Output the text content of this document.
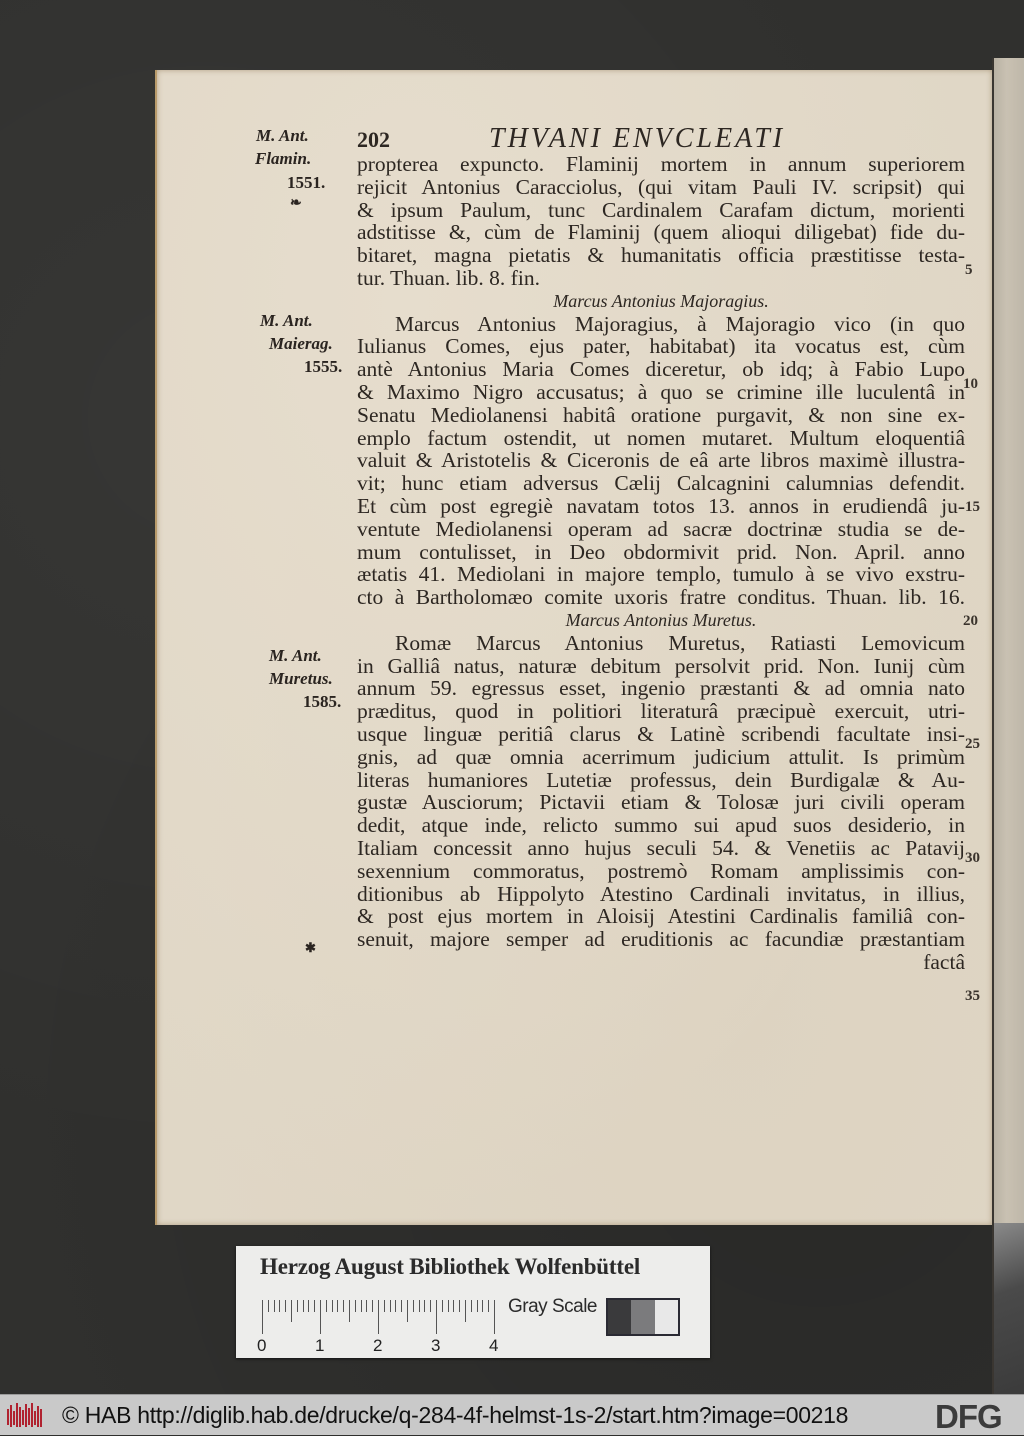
202	THVANI ENVCLEATI
M. Ant.
Flamin.
1551.
❧
M. Ant.
Maierag.
1555.
M. Ant.
Muretus.
1585.
✱
5
10
15
20
25
30
35
propterea expuncto. Flaminij mortem in annum superiorem
rejicit Antonius Caracciolus, (qui vitam Pauli IV. scripsit) qui
& ipsum Paulum, tunc Cardinalem Carafam dictum, morienti
adstitisse &, cùm de Flaminij (quem alioqui diligebat) fide du-
bitaret, magna pietatis & humanitatis officia præstitisse testa-
tur. Thuan. lib. 8. fin.
Marcus Antonius Majoragius.
Marcus Antonius Majoragius, à Majoragio vico (in quo
Iulianus Comes, ejus pater, habitabat) ita vocatus est, cùm
antè Antonius Maria Comes diceretur, ob idq; à Fabio Lupo
& Maximo Nigro accusatus; à quo se crimine ille luculentâ in
Senatu Mediolanensi habitâ oratione purgavit, & non sine ex-
emplo factum ostendit, ut nomen mutaret. Multum eloquentiâ
valuit & Aristotelis & Ciceronis de eâ arte libros maximè illustra-
vit; hunc etiam adversus Cælij Calcagnini calumnias defendit.
Et cùm post egregiè navatam totos 13. annos in erudiendâ ju-
ventute Mediolanensi operam ad sacræ doctrinæ studia se de-
mum contulisset, in Deo obdormivit prid. Non. April. anno
ætatis 41. Mediolani in majore templo, tumulo à se vivo exstru-
cto à Bartholomæo comite uxoris fratre conditus. Thuan. lib. 16.
Marcus Antonius Muretus.
Romæ Marcus Antonius Muretus, Ratiasti Lemovicum
in Galliâ natus, naturæ debitum persolvit prid. Non. Iunij cùm
annum 59. egressus esset, ingenio præstanti & ad omnia nato
præditus, quod in politiori literaturâ præcipuè exercuit, utri-
usque linguæ peritiâ clarus & Latinè scribendi facultate insi-
gnis, ad quæ omnia acerrimum judicium attulit. Is primùm
literas humaniores Lutetiæ professus, dein Burdigalæ & Au-
gustæ Ausciorum; Pictavii etiam & Tolosæ juri civili operam
dedit, atque inde, relicto summo sui apud suos desiderio, in
Italiam concessit anno hujus seculi 54. & Venetiis ac Patavij
sexennium commoratus, postremò Romam amplissimis con-
ditionibus ab Hippolyto Atestino Cardinali invitatus, in illius,
& post ejus mortem in Aloisij Atestini Cardinalis familiâ con-
senuit, majore semper ad eruditionis ac facundiæ præstantiam
factâ
Herzog August Bibliothek Wolfenbüttel
0	1	2	3	4
Gray Scale
© HAB http://diglib.hab.de/drucke/q-284-4f-helmst-1s-2/start.htm?image=00218	DFG
